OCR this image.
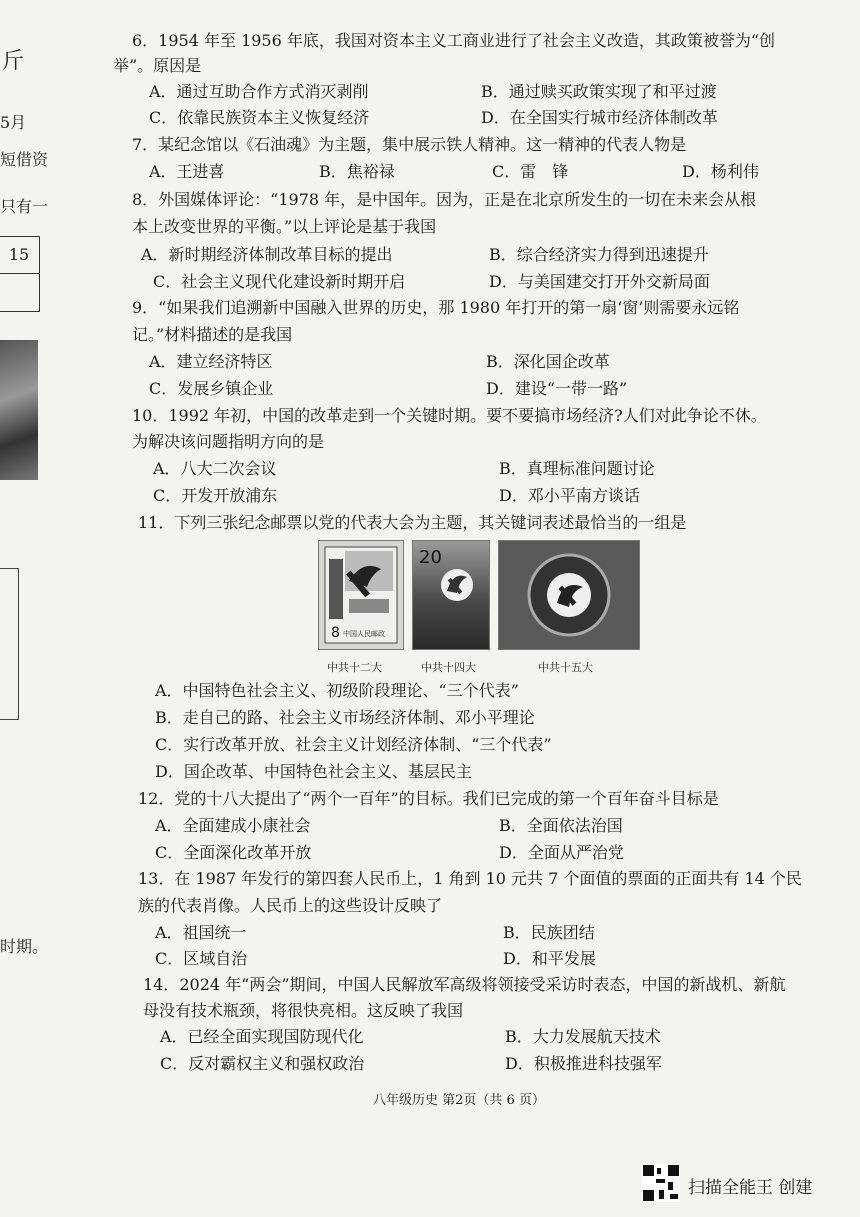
斤
5月
短借资
只有一
15
时期。
6．1954 年至 1956 年底，我国对资本主义工商业进行了社会主义改造，其政策被誉为“创
举”。原因是
A．通过互助合作方式消灭剥削	B．通过赎买政策实现了和平过渡
C．依靠民族资本主义恢复经济	D．在全国实行城市经济体制改革
7．某纪念馆以《石油魂》为主题，集中展示铁人精神。这一精神的代表人物是
A．王进喜	B．焦裕禄	C．雷　锋	D．杨利伟
8．外国媒体评论：“1978 年，是中国年。因为，正是在北京所发生的一切在未来会从根
本上改变世界的平衡。”以上评论是基于我国
A．新时期经济体制改革目标的提出	B．综合经济实力得到迅速提升
C．社会主义现代化建设新时期开启	D．与美国建交打开外交新局面
9．“如果我们追溯新中国融入世界的历史，那 1980 年打开的第一扇‘窗’则需要永远铭
记。”材料描述的是我国
A．建立经济特区	B．深化国企改革
C．发展乡镇企业	D．建设“一带一路”
10．1992 年初，中国的改革走到一个关键时期。要不要搞市场经济?人们对此争论不休。
为解决该问题指明方向的是
A．八大二次会议	B．真理标准问题讨论
C．开发开放浦东	D．邓小平南方谈话
11．下列三张纪念邮票以党的代表大会为主题，其关键词表述最恰当的一组是
8 中国人民邮政
20
中共十二大	中共十四大	中共十五大
A．中国特色社会主义、初级阶段理论、“三个代表”
B．走自己的路、社会主义市场经济体制、邓小平理论
C．实行改革开放、社会主义计划经济体制、“三个代表”
D．国企改革、中国特色社会主义、基层民主
12．党的十八大提出了“两个一百年”的目标。我们已完成的第一个百年奋斗目标是
A．全面建成小康社会	B．全面依法治国
C．全面深化改革开放	D．全面从严治党
13．在 1987 年发行的第四套人民币上，1 角到 10 元共 7 个面值的票面的正面共有 14 个民
族的代表肖像。人民币上的这些设计反映了
A．祖国统一	B．民族团结
C．区域自治	D．和平发展
14．2024 年“两会”期间，中国人民解放军高级将领接受采访时表态，中国的新战机、新航
母没有技术瓶颈，将很快亮相。这反映了我国
A．已经全面实现国防现代化	B．大力发展航天技术
C．反对霸权主义和强权政治	D．积极推进科技强军
八年级历史 第2页（共 6 页）
扫描全能王 创建
